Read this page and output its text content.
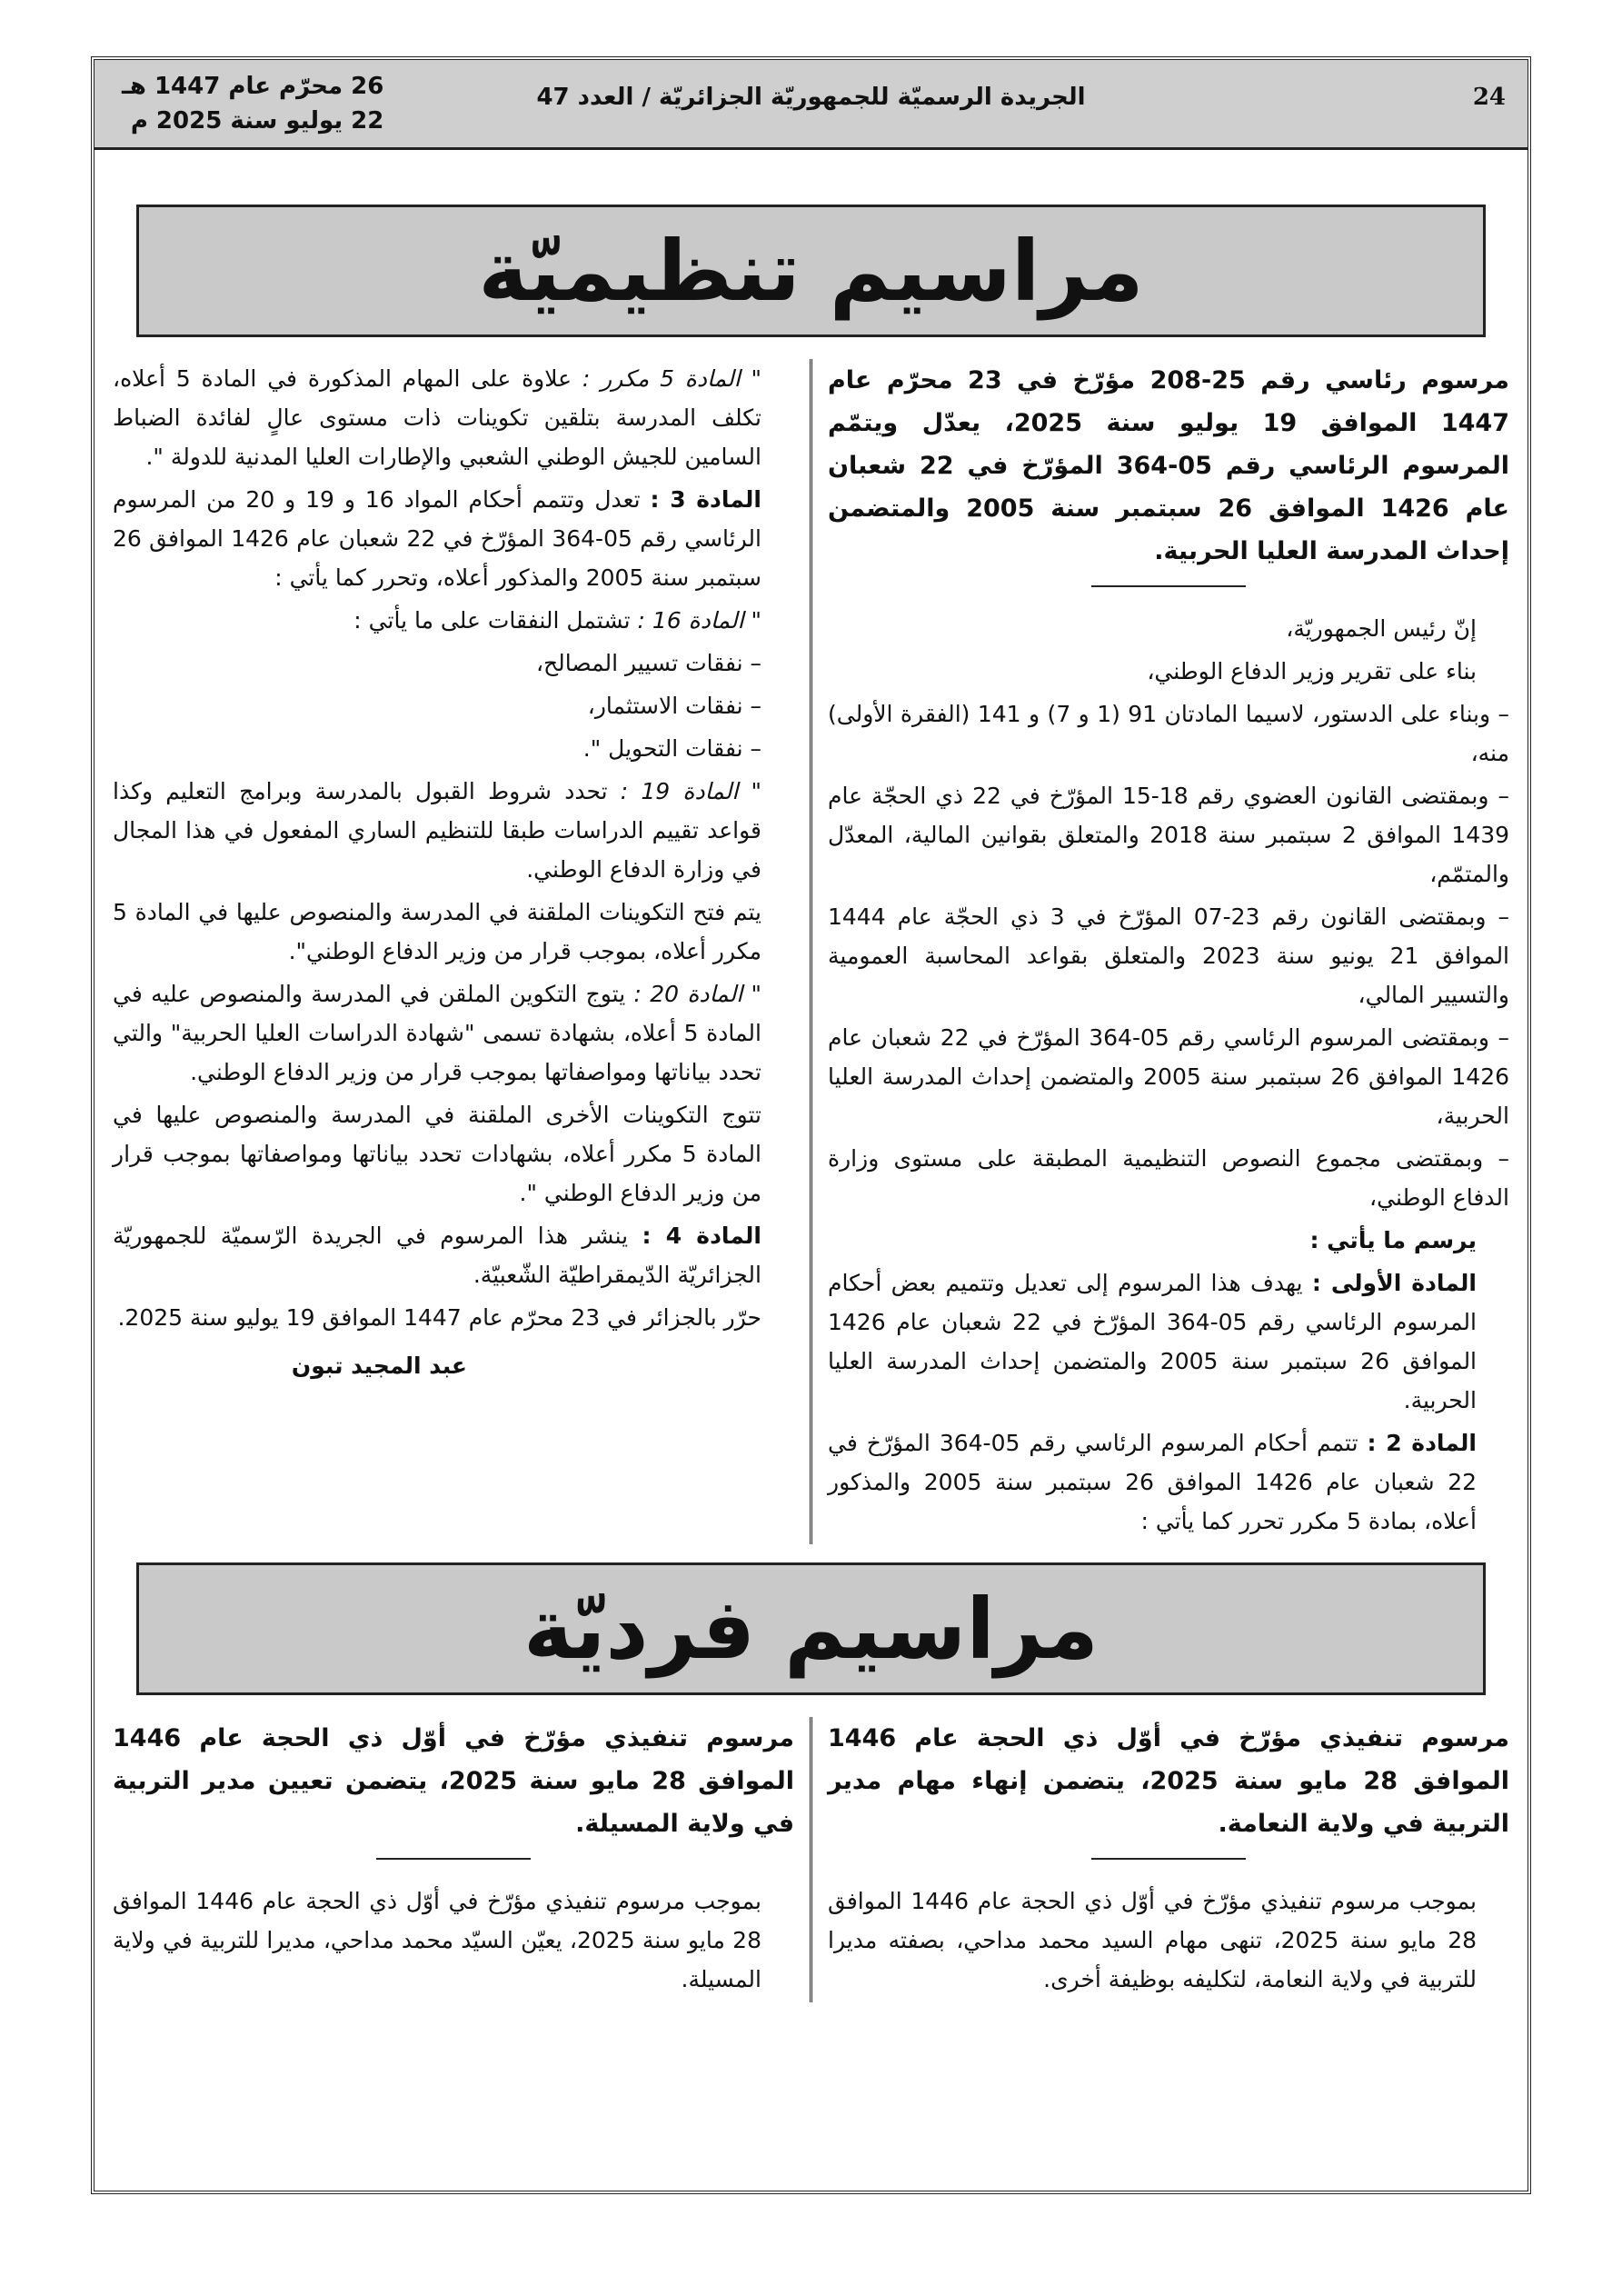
24
الجريدة الرسميّة للجمهوريّة الجزائريّة / العدد 47
26 محرّم عام 1447 هـ
22 يوليو سنة 2025 م
مراسيم تنظيميّة

مرسوم رئاسي رقم 25-208 مؤرّخ في 23 محرّم عام 1447 الموافق 19 يوليو سنة 2025، يعدّل ويتمّم المرسوم الرئاسي رقم 05-364 المؤرّخ في 22 شعبان عام 1426 الموافق 26 سبتمبر سنة 2005 والمتضمن إحداث المدرسة العليا الحربية.

إنّ رئيس الجمهوريّة،

بناء على تقرير وزير الدفاع الوطني،

– وبناء على الدستور، لاسيما المادتان 91 (1 و 7) و 141 (الفقرة الأولى) منه،

– وبمقتضى القانون العضوي رقم 18-15 المؤرّخ في 22 ذي الحجّة عام 1439 الموافق 2 سبتمبر سنة 2018 والمتعلق بقوانين المالية، المعدّل والمتمّم،

– وبمقتضى القانون رقم 23-07 المؤرّخ في 3 ذي الحجّة عام 1444 الموافق 21 يونيو سنة 2023 والمتعلق بقواعد المحاسبة العمومية والتسيير المالي،

– وبمقتضى المرسوم الرئاسي رقم 05-364 المؤرّخ في 22 شعبان عام 1426 الموافق 26 سبتمبر سنة 2005 والمتضمن إحداث المدرسة العليا الحربية،

– وبمقتضى مجموع النصوص التنظيمية المطبقة على مستوى وزارة الدفاع الوطني،

يرسم ما يأتي :

المادة الأولى : يهدف هذا المرسوم إلى تعديل وتتميم بعض أحكام المرسوم الرئاسي رقم 05-364 المؤرّخ في 22 شعبان عام 1426 الموافق 26 سبتمبر سنة 2005 والمتضمن إحداث المدرسة العليا الحربية.

المادة 2 : تتمم أحكام المرسوم الرئاسي رقم 05-364 المؤرّخ في 22 شعبان عام 1426 الموافق 26 سبتمبر سنة 2005 والمذكور أعلاه، بمادة 5 مكرر تحرر كما يأتي :

" المادة 5 مكرر : علاوة على المهام المذكورة في المادة 5 أعلاه، تكلف المدرسة بتلقين تكوينات ذات مستوى عالٍ لفائدة الضباط السامين للجيش الوطني الشعبي والإطارات العليا المدنية للدولة ".

المادة 3 : تعدل وتتمم أحكام المواد 16 و 19 و 20 من المرسوم الرئاسي رقم 05-364 المؤرّخ في 22 شعبان عام 1426 الموافق 26 سبتمبر سنة 2005 والمذكور أعلاه، وتحرر كما يأتي :

" المادة 16 : تشتمل النفقات على ما يأتي :

– نفقات تسيير المصالح،

– نفقات الاستثمار،

– نفقات التحويل ".

" المادة 19 : تحدد شروط القبول بالمدرسة وبرامج التعليم وكذا قواعد تقييم الدراسات طبقا للتنظيم الساري المفعول في هذا المجال في وزارة الدفاع الوطني.

يتم فتح التكوينات الملقنة في المدرسة والمنصوص عليها في المادة 5 مكرر أعلاه، بموجب قرار من وزير الدفاع الوطني".

" المادة 20 : يتوج التكوين الملقن في المدرسة والمنصوص عليه في المادة 5 أعلاه، بشهادة تسمى "شهادة الدراسات العليا الحربية" والتي تحدد بياناتها ومواصفاتها بموجب قرار من وزير الدفاع الوطني.

تتوج التكوينات الأخرى الملقنة في المدرسة والمنصوص عليها في المادة 5 مكرر أعلاه، بشهادات تحدد بياناتها ومواصفاتها بموجب قرار من وزير الدفاع الوطني ".

المادة 4 : ينشر هذا المرسوم في الجريدة الرّسميّة للجمهوريّة الجزائريّة الدّيمقراطيّة الشّعبيّة.

حرّر بالجزائر في 23 محرّم عام 1447 الموافق 19 يوليو سنة 2025.

عبد المجيد تبون

مراسيم فرديّة

مرسوم تنفيذي مؤرّخ في أوّل ذي الحجة عام 1446 الموافق 28 مايو سنة 2025، يتضمن إنهاء مهام مدير التربية في ولاية النعامة.

بموجب مرسوم تنفيذي مؤرّخ في أوّل ذي الحجة عام 1446 الموافق 28 مايو سنة 2025، تنهى مهام السيد محمد مداحي، بصفته مديرا للتربية في ولاية النعامة، لتكليفه بوظيفة أخرى.

مرسوم تنفيذي مؤرّخ في أوّل ذي الحجة عام 1446 الموافق 28 مايو سنة 2025، يتضمن تعيين مدير التربية في ولاية المسيلة.

بموجب مرسوم تنفيذي مؤرّخ في أوّل ذي الحجة عام 1446 الموافق 28 مايو سنة 2025، يعيّن السيّد محمد مداحي، مديرا للتربية في ولاية المسيلة.
